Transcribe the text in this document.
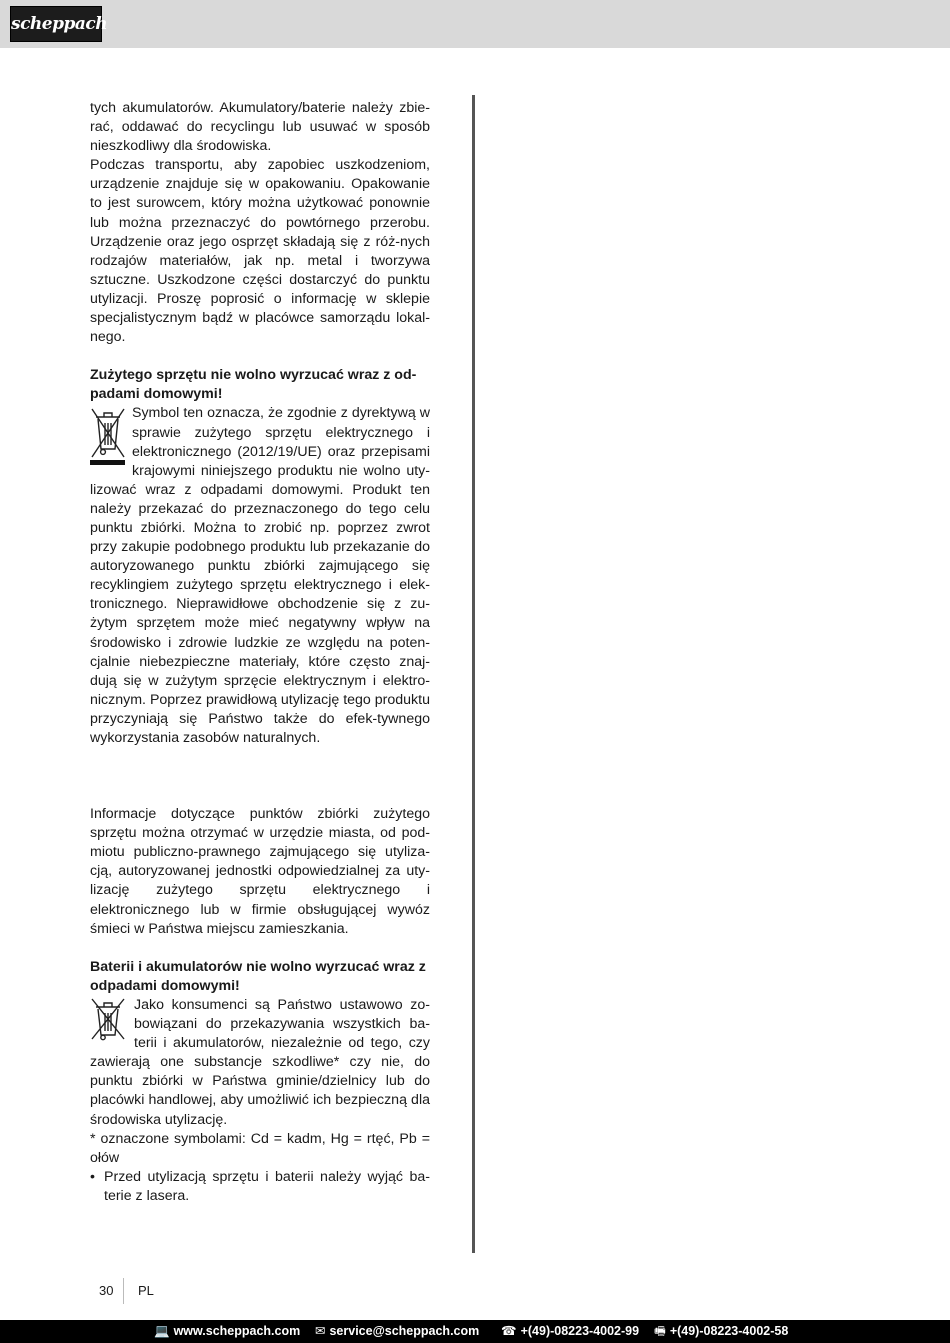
scheppach

tych akumulatorów. Akumulatory/baterie należy zbie-rać, oddawać do recyclingu lub usuwać w sposób nieszkodliwy dla środowiska.

Podczas transportu, aby zapobiec uszkodzeniom, urządzenie znajduje się w opakowaniu. Opakowanie to jest surowcem, który można użytkować ponownie lub można przeznaczyć do powtórnego przerobu. Urządzenie oraz jego osprzęt składają się z róż-nych rodzajów materiałów, jak np. metal i tworzywa sztuczne. Uszkodzone części dostarczyć do punktu utylizacji. Proszę poprosić o informację w sklepie specjalistycznym bądź w placówce samorządu lokal-nego.

Zużytego sprzętu nie wolno wyrzucać wraz z od-padami domowymi!

Symbol ten oznacza, że zgodnie z dyrektywą w sprawie zużytego sprzętu elektrycznego i elektronicznego (2012/19/UE) oraz przepisami krajowymi niniejszego produktu nie wolno uty-lizować wraz z odpadami domowymi. Produkt ten należy przekazać do przeznaczonego do tego celu punktu zbiórki. Można to zrobić np. poprzez zwrot przy zakupie podobnego produktu lub przekazanie do autoryzowanego punktu zbiórki zajmującego się recyklingiem zużytego sprzętu elektrycznego i elek-tronicznego. Nieprawidłowe obchodzenie się z zu-żytym sprzętem może mieć negatywny wpływ na środowisko i zdrowie ludzkie ze względu na poten-cjalnie niebezpieczne materiały, które często znaj-dują się w zużytym sprzęcie elektrycznym i elektro-nicznym. Poprzez prawidłową utylizację tego produktu przyczyniają się Państwo także do efek-tywnego wykorzystania zasobów naturalnych.

Informacje dotyczące punktów zbiórki zużytego sprzętu można otrzymać w urzędzie miasta, od pod-miotu publiczno-prawnego zajmującego się utyliza-cją, autoryzowanej jednostki odpowiedzialnej za uty-lizację zużytego sprzętu elektrycznego i elektronicznego lub w firmie obsługującej wywóz śmieci w Państwa miejscu zamieszkania.

Baterii i akumulatorów nie wolno wyrzucać wraz z odpadami domowymi!

Jako konsumenci są Państwo ustawowo zo-bowiązani do przekazywania wszystkich ba-terii i akumulatorów, niezależnie od tego, czy zawierają one substancje szkodliwe* czy nie, do punktu zbiórki w Państwa gminie/dzielnicy lub do placówki handlowej, aby umożliwić ich bezpieczną dla środowiska utylizację.

* oznaczone symbolami: Cd = kadm, Hg = rtęć, Pb = ołów

• Przed utylizacją sprzętu i baterii należy wyjąć ba-terie z lasera.
30 PL
💻 www.scheppach.com ✉ service@scheppach.com ☎ +(49)-08223-4002-99 🖷 +(49)-08223-4002-58
